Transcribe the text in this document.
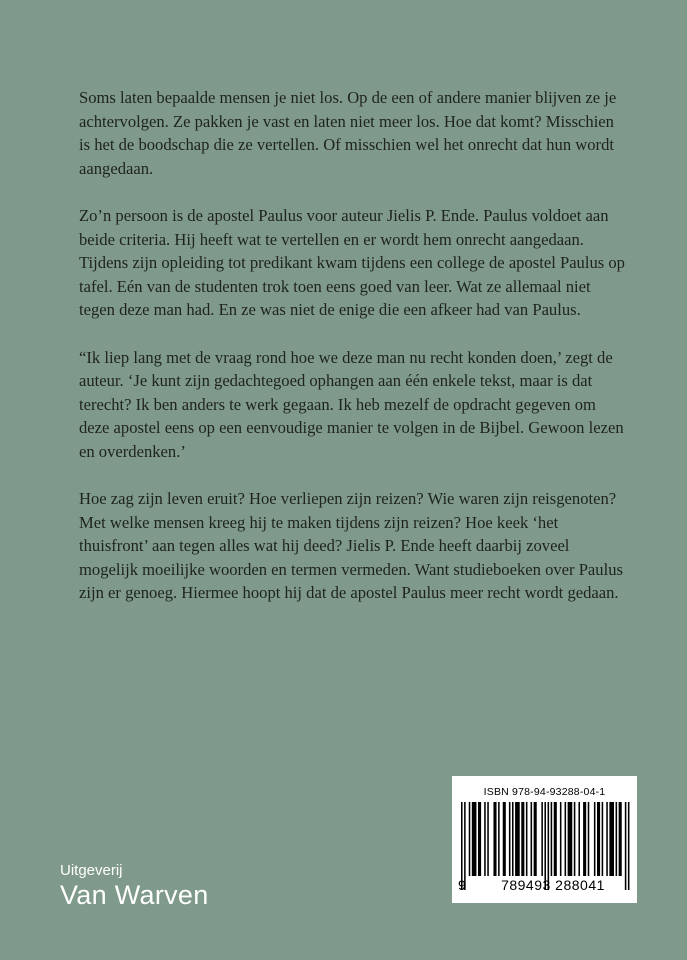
Soms laten bepaalde mensen je niet los. Op de een of andere manier blijven ze je achtervolgen. Ze pakken je vast en laten niet meer los. Hoe dat komt? Misschien is het de boodschap die ze vertellen. Of misschien wel het onrecht dat hun wordt aangedaan.

Zo’n persoon is de apostel Paulus voor auteur Jielis P. Ende. Paulus voldoet aan beide criteria. Hij heeft wat te vertellen en er wordt hem onrecht aangedaan. Tijdens zijn opleiding tot predikant kwam tijdens een college de apostel Paulus op tafel. Eén van de studenten trok toen eens goed van leer. Wat ze allemaal niet tegen deze man had. En ze was niet de enige die een afkeer had van Paulus.

“Ik liep lang met de vraag rond hoe we deze man nu recht konden doen,’ zegt de auteur. ‘Je kunt zijn gedachtegoed ophangen aan één enkele tekst, maar is dat terecht? Ik ben anders te werk gegaan. Ik heb mezelf de opdracht gegeven om deze apostel eens op een eenvoudige manier te volgen in de Bijbel. Gewoon lezen en overdenken.’

Hoe zag zijn leven eruit? Hoe verliepen zijn reizen? Wie waren zijn reisgenoten? Met welke mensen kreeg hij te maken tijdens zijn reizen? Hoe keek ‘het thuisfront’ aan tegen alles wat hij deed? Jielis P. Ende heeft daarbij zoveel mogelijk moeilijke woorden en termen vermeden. Want studieboeken over Paulus zijn er genoeg. Hiermee hoopt hij dat de apostel Paulus meer recht wordt gedaan.

ISBN 978-94-93288-04-1
9	789493 288041
Uitgeverij
Van Warven
